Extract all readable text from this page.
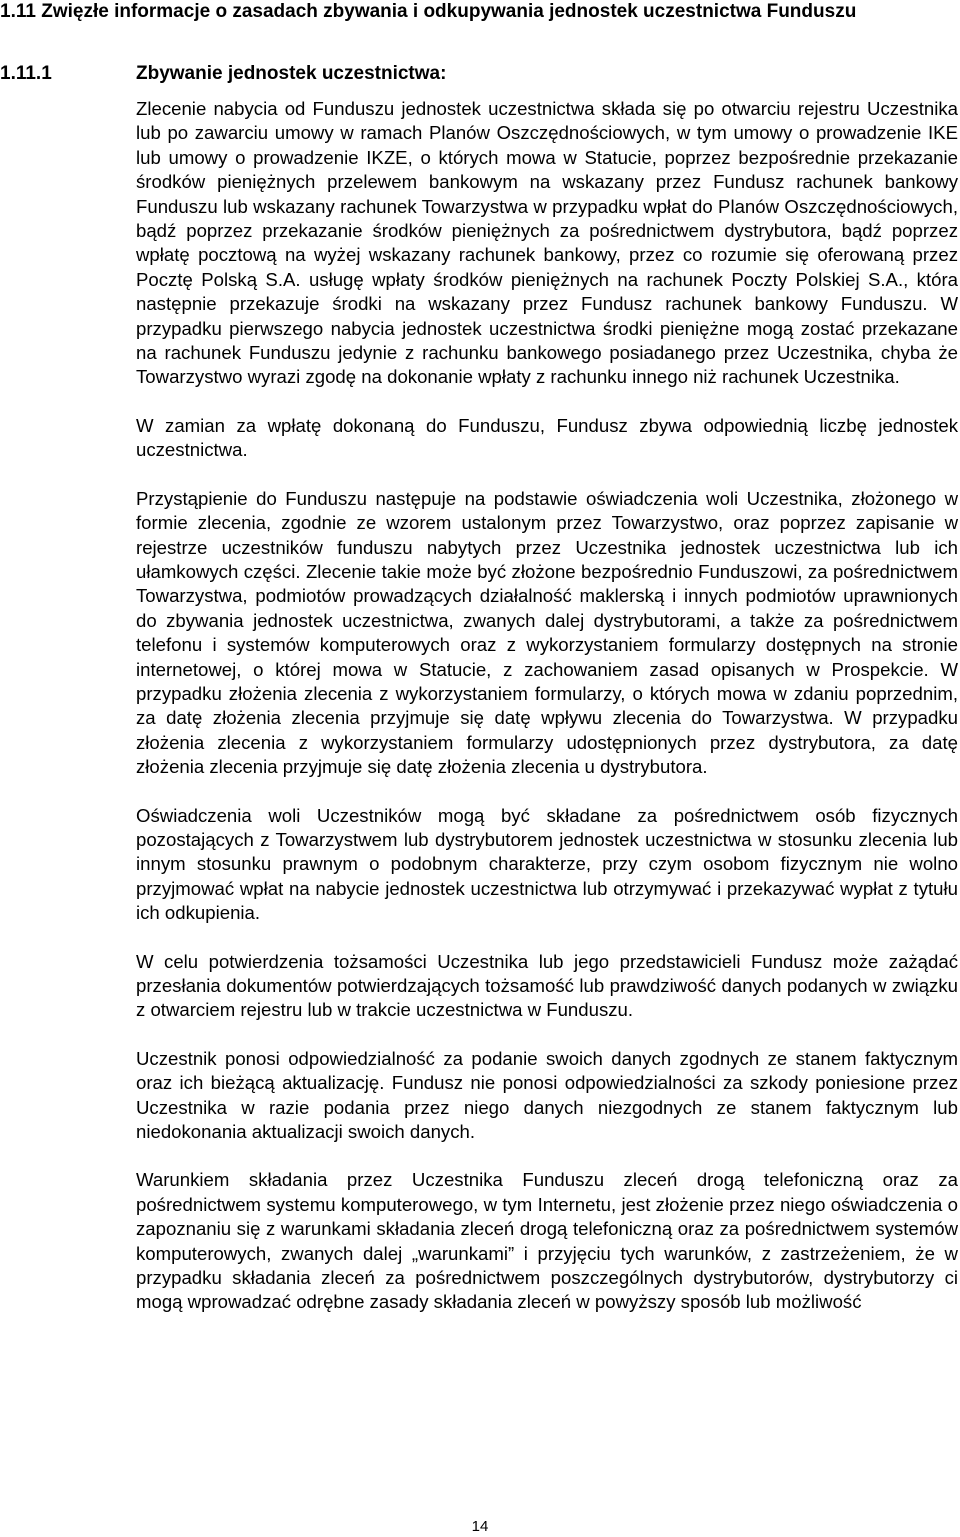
1.11 Zwięzłe informacje o zasadach zbywania i odkupywania jednostek uczestnictwa Funduszu
1.11.1	Zbywanie jednostek uczestnictwa:

Zlecenie nabycia od Funduszu jednostek uczestnictwa składa się po otwarciu rejestru Uczestnika lub po zawarciu umowy w ramach Planów Oszczędnościowych, w tym umowy o prowadzenie IKE lub umowy o prowadzenie IKZE, o których mowa w Statucie, poprzez bezpośrednie przekazanie środków pieniężnych przelewem bankowym na wskazany przez Fundusz rachunek bankowy Funduszu lub wskazany rachunek Towarzystwa w przypadku wpłat do Planów Oszczędnościowych, bądź poprzez przekazanie środków pieniężnych za pośrednictwem dystrybutora, bądź poprzez wpłatę pocztową na wyżej wskazany rachunek bankowy, przez co rozumie się oferowaną przez Pocztę Polską S.A. usługę wpłaty środków pieniężnych na rachunek Poczty Polskiej S.A., która następnie przekazuje środki na wskazany przez Fundusz rachunek bankowy Funduszu. W przypadku pierwszego nabycia jednostek uczestnictwa środki pieniężne mogą zostać przekazane na rachunek Funduszu jedynie z rachunku bankowego posiadanego przez Uczestnika, chyba że Towarzystwo wyrazi zgodę na dokonanie wpłaty z rachunku innego niż rachunek Uczestnika.

W zamian za wpłatę dokonaną do Funduszu, Fundusz zbywa odpowiednią liczbę jednostek uczestnictwa.

Przystąpienie do Funduszu następuje na podstawie oświadczenia woli Uczestnika, złożonego w formie zlecenia, zgodnie ze wzorem ustalonym przez Towarzystwo, oraz poprzez zapisanie w rejestrze uczestników funduszu nabytych przez Uczestnika jednostek uczestnictwa lub ich ułamkowych części. Zlecenie takie może być złożone bezpośrednio Funduszowi, za pośrednictwem Towarzystwa, podmiotów prowadzących działalność maklerską i innych podmiotów uprawnionych do zbywania jednostek uczestnictwa, zwanych dalej dystrybutorami, a także za pośrednictwem telefonu i systemów komputerowych oraz z wykorzystaniem formularzy dostępnych na stronie internetowej, o której mowa w Statucie, z zachowaniem zasad opisanych w Prospekcie. W przypadku złożenia zlecenia z wykorzystaniem formularzy, o których mowa w zdaniu poprzednim, za datę złożenia zlecenia przyjmuje się datę wpływu zlecenia do Towarzystwa. W przypadku złożenia zlecenia z wykorzystaniem formularzy udostępnionych przez dystrybutora, za datę złożenia zlecenia przyjmuje się datę złożenia zlecenia u dystrybutora.

Oświadczenia woli Uczestników mogą być składane za pośrednictwem osób fizycznych pozostających z Towarzystwem lub dystrybutorem jednostek uczestnictwa w stosunku zlecenia lub innym stosunku prawnym o podobnym charakterze, przy czym osobom fizycznym nie wolno przyjmować wpłat na nabycie jednostek uczestnictwa lub otrzymywać i przekazywać wypłat z tytułu ich odkupienia.

W celu potwierdzenia tożsamości Uczestnika lub jego przedstawicieli Fundusz może zażądać przesłania dokumentów potwierdzających tożsamość lub prawdziwość danych podanych w związku z otwarciem rejestru lub w trakcie uczestnictwa w Funduszu.

Uczestnik ponosi odpowiedzialność za podanie swoich danych zgodnych ze stanem faktycznym oraz ich bieżącą aktualizację. Fundusz nie ponosi odpowiedzialności za szkody poniesione przez Uczestnika w razie podania przez niego danych niezgodnych ze stanem faktycznym lub niedokonania aktualizacji swoich danych.

Warunkiem składania przez Uczestnika Funduszu zleceń drogą telefoniczną oraz za pośrednictwem systemu komputerowego, w tym Internetu, jest złożenie przez niego oświadczenia o zapoznaniu się z warunkami składania zleceń drogą telefoniczną oraz za pośrednictwem systemów komputerowych, zwanych dalej „warunkami” i przyjęciu tych warunków, z zastrzeżeniem, że w przypadku składania zleceń za pośrednictwem poszczególnych dystrybutorów, dystrybutorzy ci mogą wprowadzać odrębne zasady składania zleceń w powyższy sposób lub możliwość

14
